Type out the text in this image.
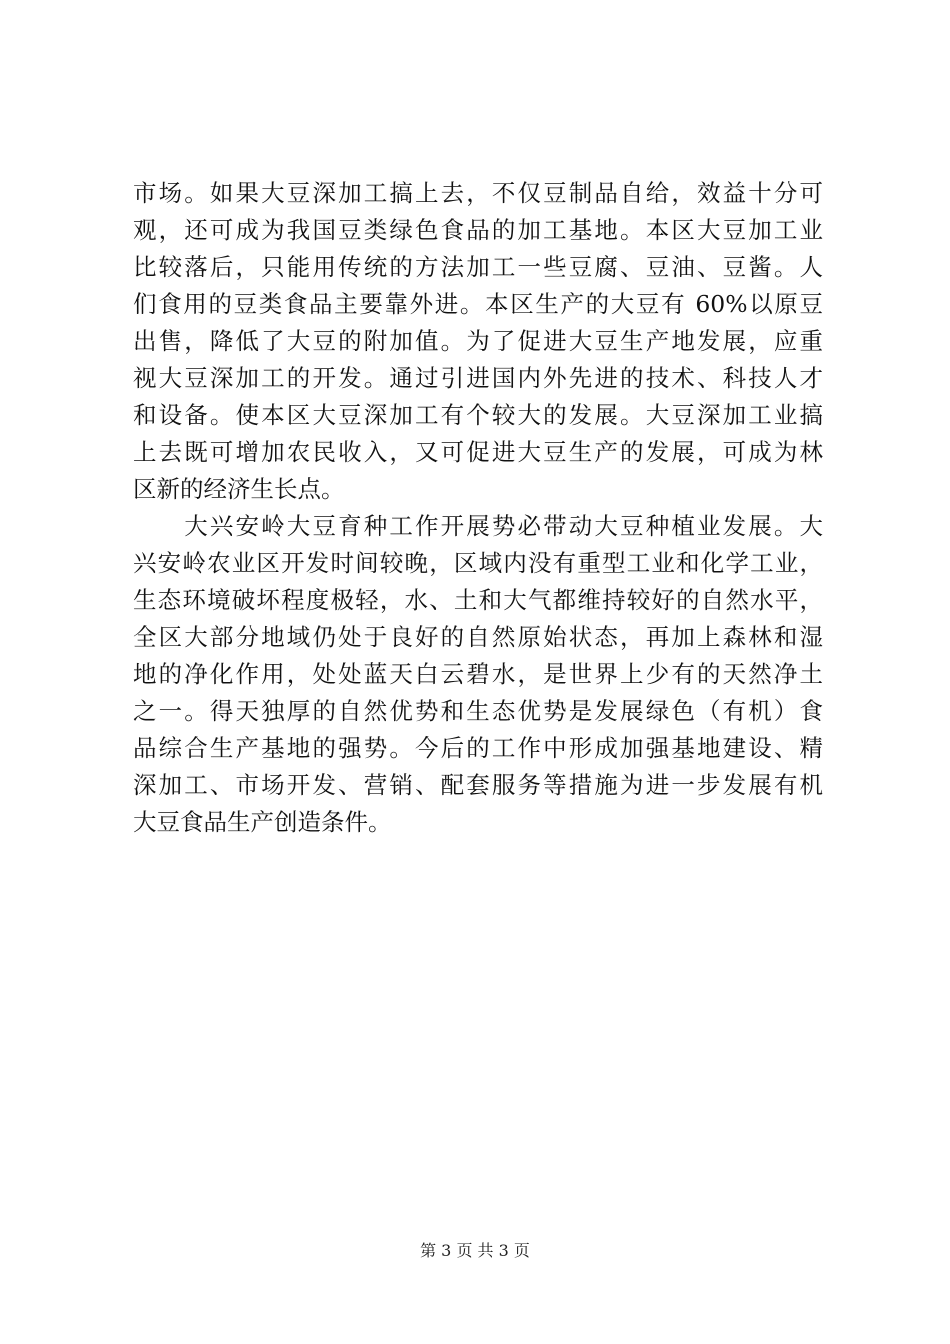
市场。如果大豆深加工搞上去，不仅豆制品自给，效益十分可
观，还可成为我国豆类绿色食品的加工基地。本区大豆加工业
比较落后，只能用传统的方法加工一些豆腐、豆油、豆酱。人
们食用的豆类食品主要靠外进。本区生产的大豆有 60%以原豆
出售，降低了大豆的附加值。为了促进大豆生产地发展，应重
视大豆深加工的开发。通过引进国内外先进的技术、科技人才
和设备。使本区大豆深加工有个较大的发展。大豆深加工业搞
上去既可增加农民收入，又可促进大豆生产的发展，可成为林
区新的经济生长点。
　　大兴安岭大豆育种工作开展势必带动大豆种植业发展。大
兴安岭农业区开发时间较晚，区域内没有重型工业和化学工业，
生态环境破坏程度极轻，水、土和大气都维持较好的自然水平，
全区大部分地域仍处于良好的自然原始状态，再加上森林和湿
地的净化作用，处处蓝天白云碧水，是世界上少有的天然净土
之一。得天独厚的自然优势和生态优势是发展绿色（有机）食
品综合生产基地的强势。今后的工作中形成加强基地建设、精
深加工、市场开发、营销、配套服务等措施为进一步发展有机
大豆食品生产创造条件。
第 3 页 共 3 页
